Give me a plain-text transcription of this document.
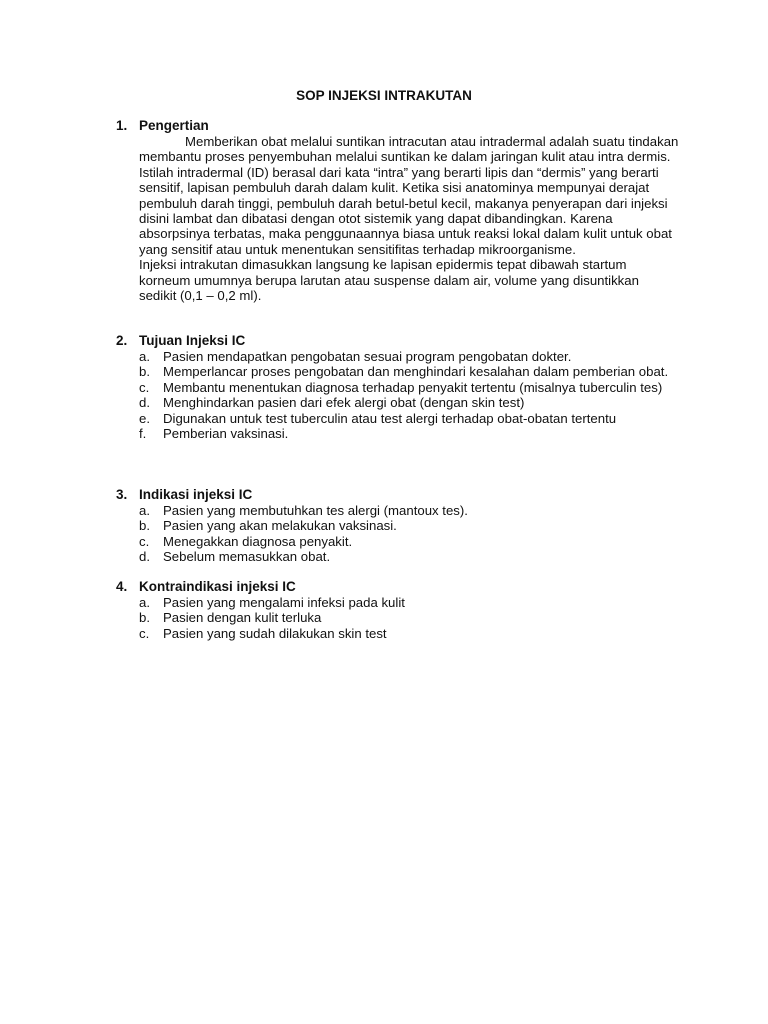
SOP INJEKSI INTRAKUTAN
1. Pengertian

Memberikan obat melalui suntikan intracutan atau intradermal adalah suatu tindakan membantu proses penyembuhan melalui suntikan ke dalam jaringan kulit atau intra dermis. Istilah intradermal (ID) berasal dari kata “intra” yang berarti lipis dan “dermis” yang berarti sensitif, lapisan pembuluh darah dalam kulit. Ketika sisi anatominya mempunyai derajat pembuluh darah tinggi, pembuluh darah betul-betul kecil, makanya penyerapan dari injeksi disini lambat dan dibatasi dengan otot sistemik yang dapat dibandingkan. Karena absorpsinya terbatas, maka penggunaannya biasa untuk reaksi lokal dalam kulit untuk obat yang sensitif atau untuk menentukan sensitifitas terhadap mikroorganisme.

Injeksi intrakutan dimasukkan langsung ke lapisan epidermis tepat dibawah startum korneum umumnya berupa larutan atau suspense dalam air, volume yang disuntikkan sedikit (0,1 – 0,2 ml).

2. Tujuan Injeksi IC
a. Pasien mendapatkan pengobatan sesuai program pengobatan dokter.
b. Memperlancar proses pengobatan dan menghindari kesalahan dalam pemberian obat.
c.	Membantu menentukan diagnosa terhadap penyakit tertentu (misalnya tuberculin tes)
d. Menghindarkan pasien dari efek alergi obat (dengan skin test)
e. Digunakan untuk test tuberculin atau test alergi terhadap obat-obatan tertentu
f.	Pemberian vaksinasi.
3. Indikasi injeksi IC
a. Pasien yang membutuhkan tes alergi (mantoux tes).
b. Pasien yang akan melakukan vaksinasi.
c.	Menegakkan diagnosa penyakit.
d. Sebelum memasukkan obat.
4. Kontraindikasi injeksi IC
a. Pasien yang mengalami infeksi pada kulit
b. Pasien dengan kulit terluka
c.	Pasien yang sudah dilakukan skin test
